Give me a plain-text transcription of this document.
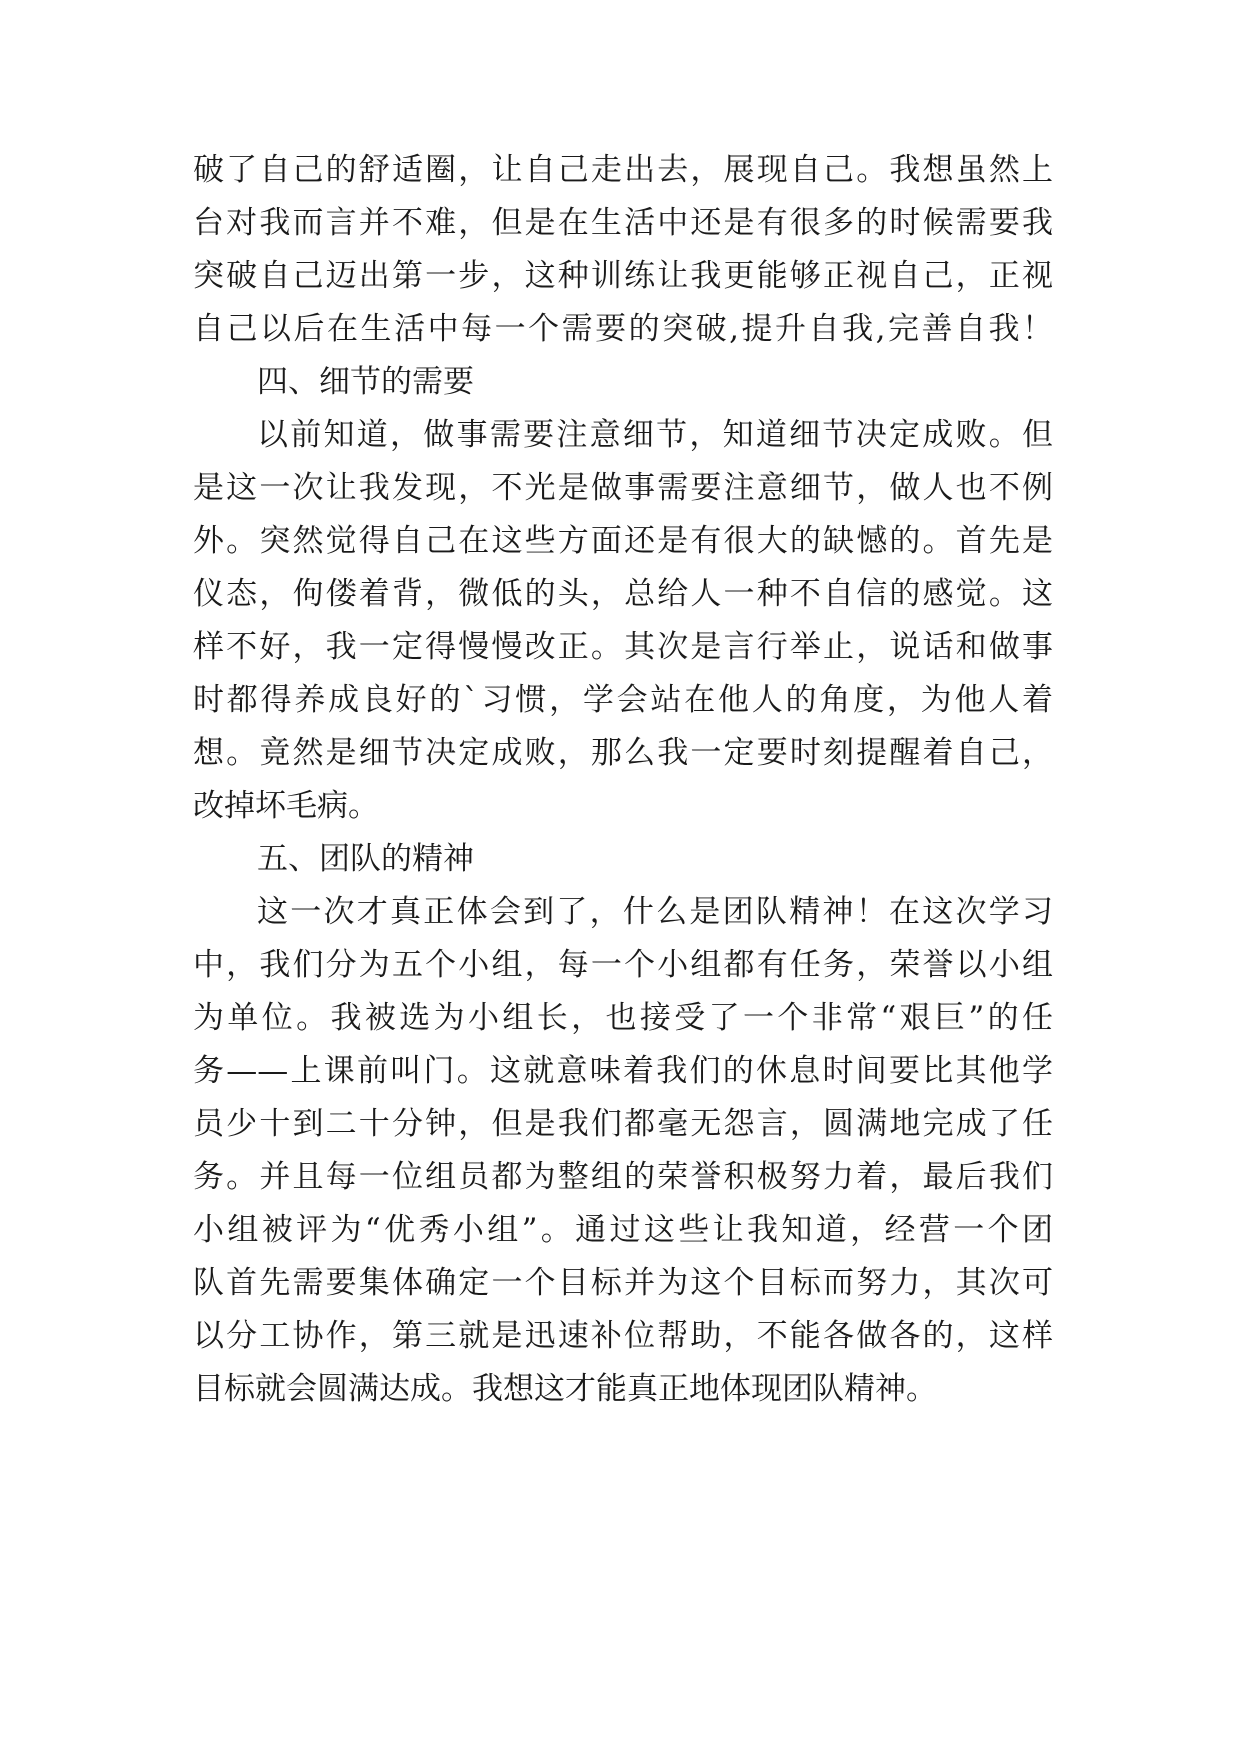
破了自己的舒适圈，让自己走出去，展现自己。我想虽然上
台对我而言并不难，但是在生活中还是有很多的时候需要我
突破自己迈出第一步，这种训练让我更能够正视自己，正视
自己以后在生活中每一个需要的突破,提升自我,完善自我！
四、细节的需要
以前知道，做事需要注意细节，知道细节决定成败。但
是这一次让我发现，不光是做事需要注意细节，做人也不例
外。突然觉得自己在这些方面还是有很大的缺憾的。首先是
仪态，佝偻着背，微低的头，总给人一种不自信的感觉。这
样不好，我一定得慢慢改正。其次是言行举止，说话和做事
时都得养成良好的`习惯，学会站在他人的角度，为他人着
想。竟然是细节决定成败，那么我一定要时刻提醒着自己，
改掉坏毛病。
五、团队的精神
这一次才真正体会到了，什么是团队精神！在这次学习
中，我们分为五个小组，每一个小组都有任务，荣誉以小组
为单位。我被选为小组长，也接受了一个非常“艰巨”的任
务——上课前叫门。这就意味着我们的休息时间要比其他学
员少十到二十分钟，但是我们都毫无怨言，圆满地完成了任
务。并且每一位组员都为整组的荣誉积极努力着，最后我们
小组被评为“优秀小组”。通过这些让我知道，经营一个团
队首先需要集体确定一个目标并为这个目标而努力，其次可
以分工协作，第三就是迅速补位帮助，不能各做各的，这样
目标就会圆满达成。我想这才能真正地体现团队精神。
